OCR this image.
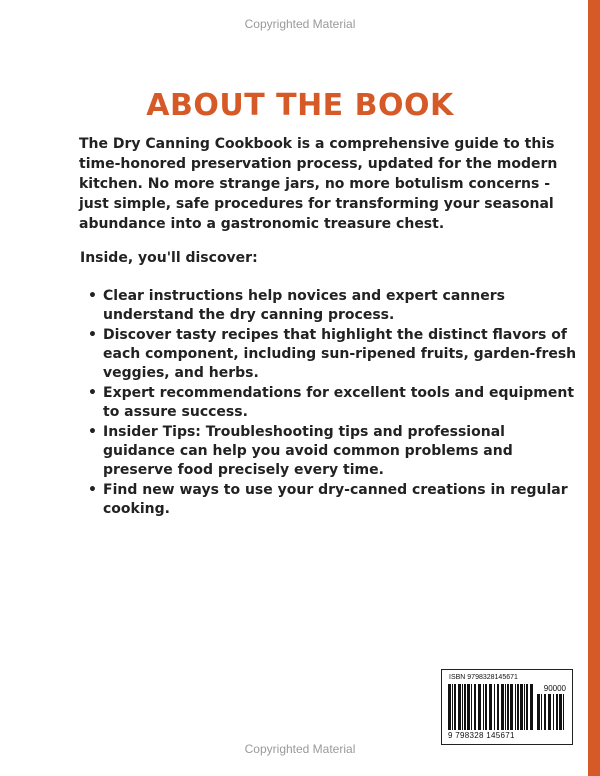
Copyrighted Material
ABOUT THE BOOK

The Dry Canning Cookbook is a comprehensive guide to this time-honored preservation process, updated for the modern kitchen. No more strange jars, no more botulism concerns - just simple, safe procedures for transforming your seasonal abundance into a gastronomic treasure chest.

Inside, you'll discover:

• Clear instructions help novices and expert canners understand the dry canning process.
• Discover tasty recipes that highlight the distinct flavors of each component, including sun-ripened fruits, garden-fresh veggies, and herbs.
• Expert recommendations for excellent tools and equipment to assure success.
• Insider Tips: Troubleshooting tips and professional guidance can help you avoid common problems and preserve food precisely every time.
• Find new ways to use your dry-canned creations in regular cooking.
ISBN 9798328145671
90000
9 798328 145671
Copyrighted Material
